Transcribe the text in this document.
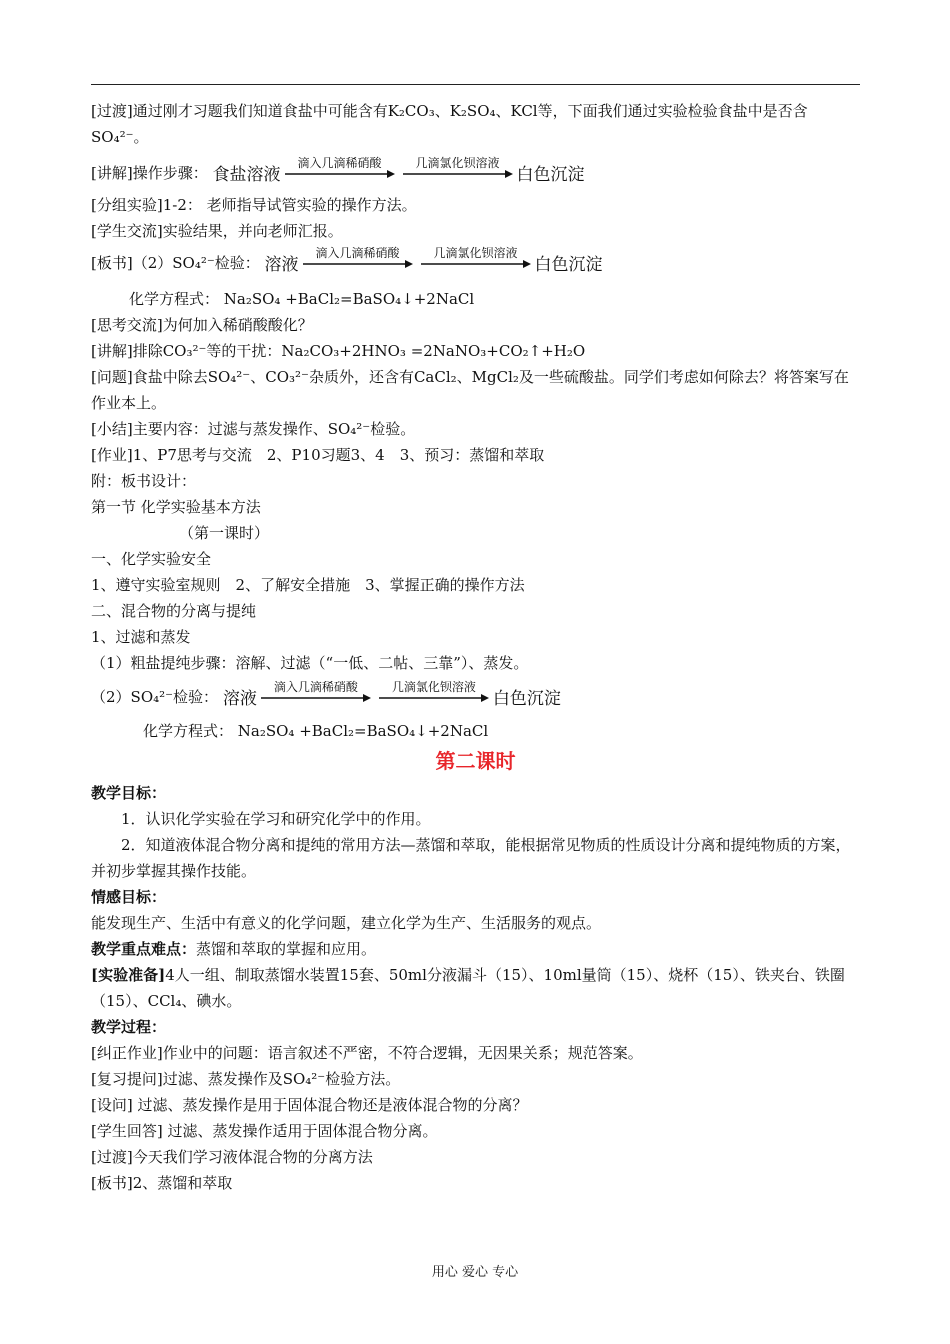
[过渡]通过刚才习题我们知道食盐中可能含有K₂CO₃、K₂SO₄、KCl等，下面我们通过实验检验食盐中是否含

SO₄²⁻。

[讲解]操作步骤： 食盐溶液
滴入几滴稀硝酸	几滴氯化钡溶液
白色沉淀

[分组实验]1-2： 老师指导试管实验的操作方法。

[学生交流]实验结果，并向老师汇报。

[板书]（2）SO₄²⁻检验： 溶液
滴入几滴稀硝酸	几滴氯化钡溶液
白色沉淀

化学方程式： Na₂SO₄ +BaCl₂=BaSO₄↓+2NaCl

[思考交流]为何加入稀硝酸酸化？

[讲解]排除CO₃²⁻等的干扰：Na₂CO₃+2HNO₃ =2NaNO₃+CO₂↑+H₂O

[问题]食盐中除去SO₄²⁻、CO₃²⁻杂质外，还含有CaCl₂、MgCl₂及一些硫酸盐。同学们考虑如何除去？将答案写在作业本上。

[小结]主要内容：过滤与蒸发操作、SO₄²⁻检验。

[作业]1、P7思考与交流　2、P10习题3、4　3、预习：蒸馏和萃取

附：板书设计：

第一节 化学实验基本方法

（第一课时）

一、化学实验安全

1、遵守实验室规则　2、了解安全措施　3、掌握正确的操作方法

二、混合物的分离与提纯

1、过滤和蒸发

（1）粗盐提纯步骤：溶解、过滤（“一低、二帖、三靠”）、蒸发。

（2）SO₄²⁻检验： 溶液
滴入几滴稀硝酸	几滴氯化钡溶液
白色沉淀

化学方程式： Na₂SO₄ +BaCl₂=BaSO₄↓+2NaCl

第二课时

教学目标：

1．认识化学实验在学习和研究化学中的作用。

2．知道液体混合物分离和提纯的常用方法—蒸馏和萃取，能根据常见物质的性质设计分离和提纯物质的方案，并初步掌握其操作技能。

情感目标：

能发现生产、生活中有意义的化学问题，建立化学为生产、生活服务的观点。

教学重点难点：蒸馏和萃取的掌握和应用。

[实验准备]4人一组、制取蒸馏水装置15套、50ml分液漏斗（15）、10ml量筒（15）、烧杯（15）、铁夹台、铁圈（15）、CCl₄、碘水。

教学过程：

[纠正作业]作业中的问题：语言叙述不严密，不符合逻辑，无因果关系；规范答案。

[复习提问]过滤、蒸发操作及SO₄²⁻检验方法。

[设问] 过滤、蒸发操作是用于固体混合物还是液体混合物的分离？

[学生回答] 过滤、蒸发操作适用于固体混合物分离。

[过渡]今天我们学习液体混合物的分离方法

[板书]2、蒸馏和萃取

用心 爱心 专心
